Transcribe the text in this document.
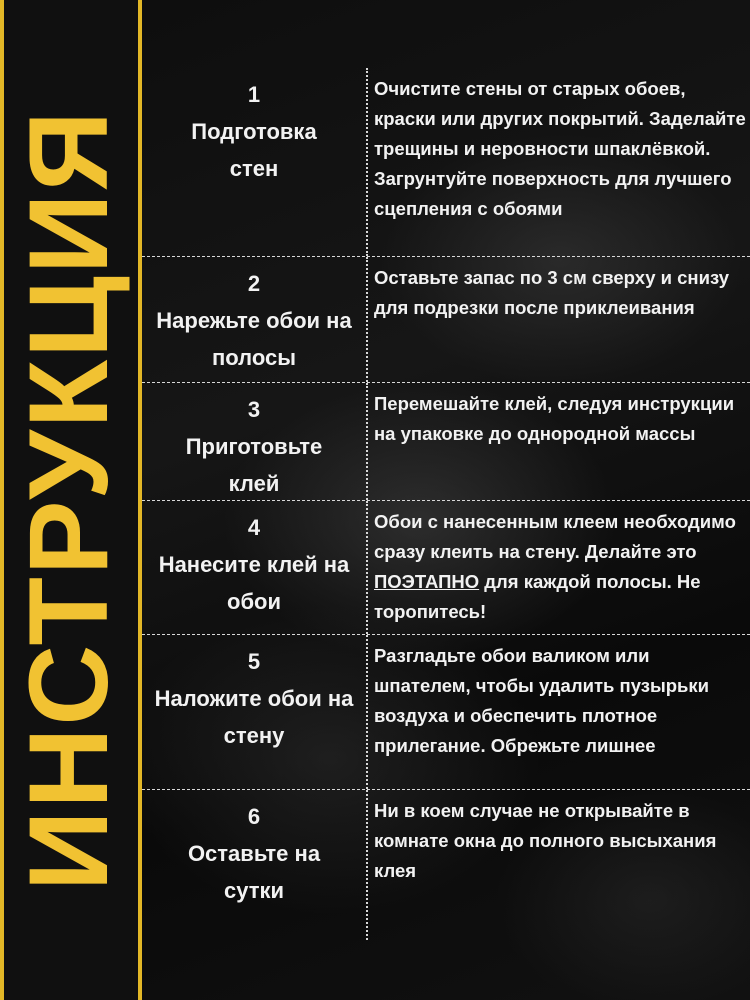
ИНСТРУКЦИЯ
1
Подготовка стен
Очистите стены от старых обоев, краски или других покрытий. Заделайте трещины и неровности шпаклёвкой. Загрунтуйте поверхность для лучшего сцепления с обоями
2
Нарежьте обои на полосы
Оставьте запас по 3 см сверху и снизу для подрезки после приклеивания
3
Приготовьте клей
Перемешайте клей, следуя инструкции на упаковке до однородной массы
4
Нанесите клей на обои
Обои с нанесенным клеем необходимо сразу клеить на стену. Делайте это ПОЭТАПНО для каждой полосы. Не торопитесь!
5
Наложите обои на стену
Разгладьте обои валиком или шпателем, чтобы удалить пузырьки воздуха и обеспечить плотное прилегание. Обрежьте лишнее
6
Оставьте на сутки
Ни в коем случае не открывайте в комнате окна до полного высыхания клея
